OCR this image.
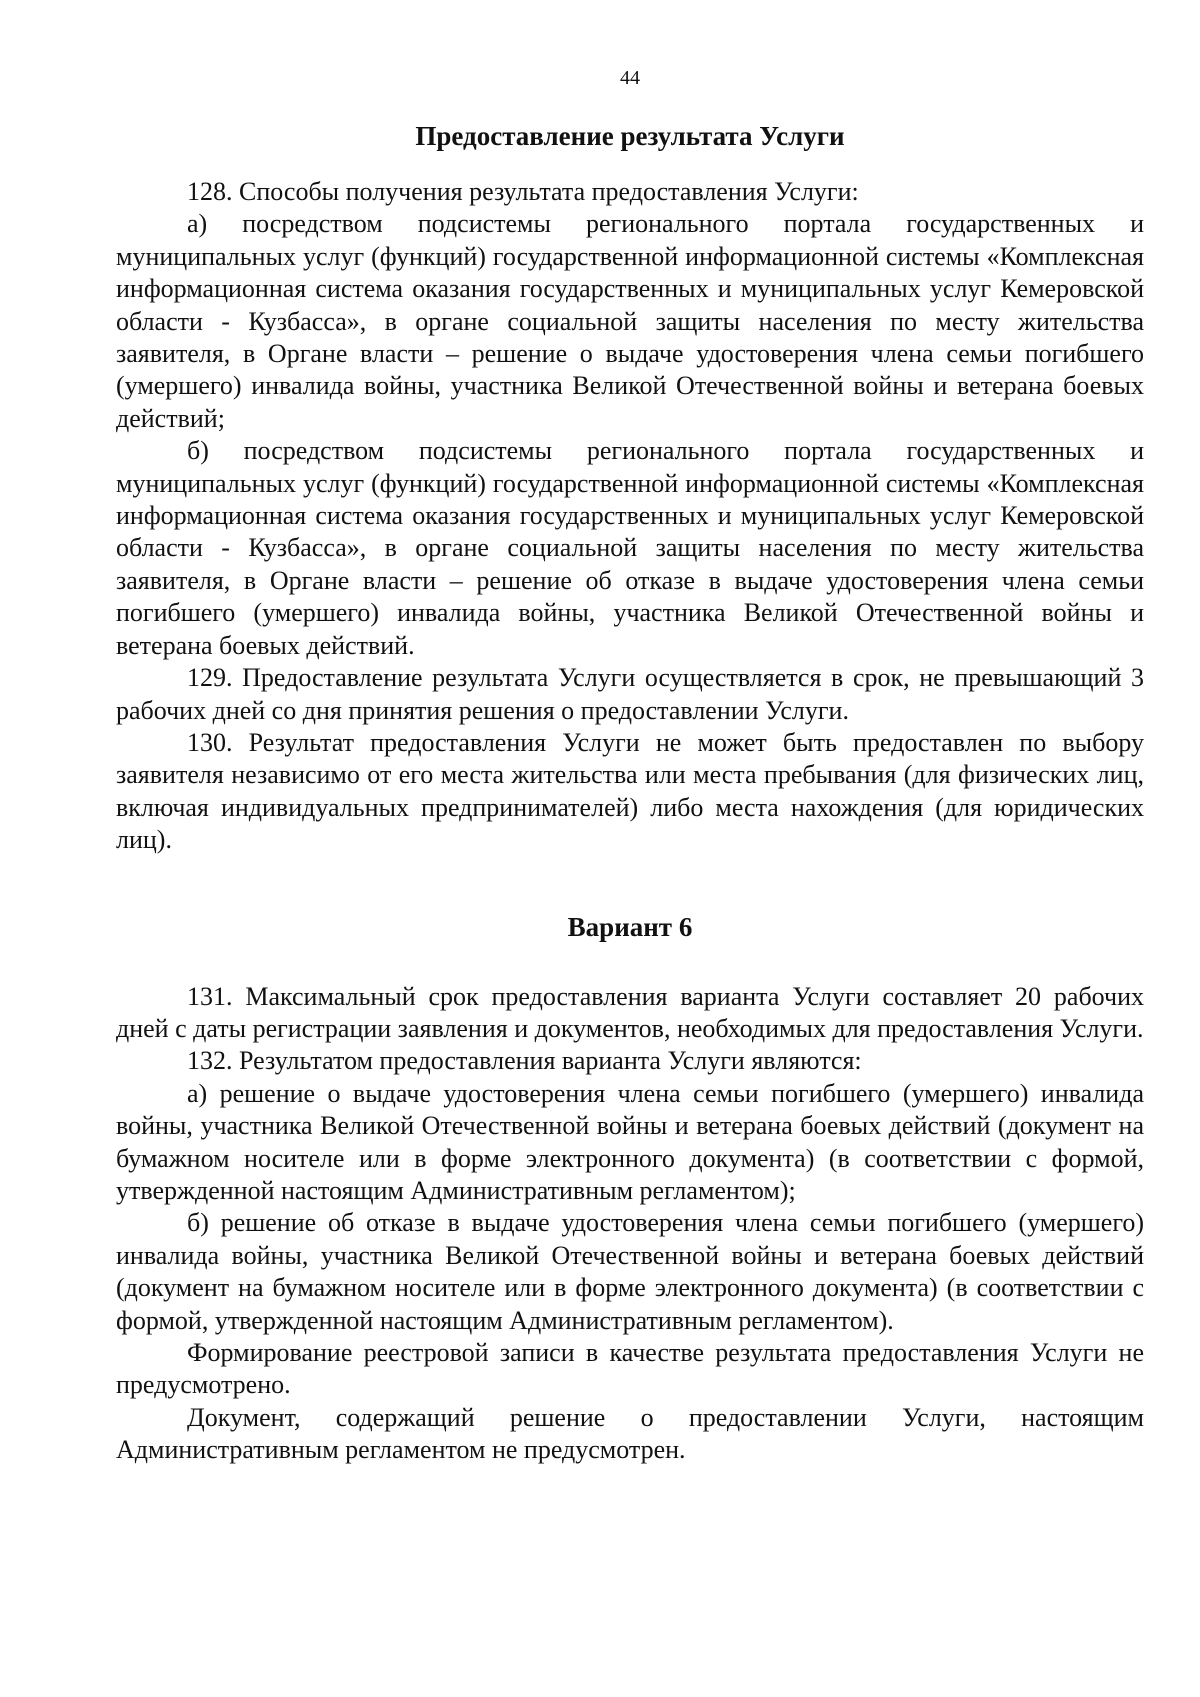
44
Предоставление результата Услуги

128. Способы получения результата предоставления Услуги:

а) посредством подсистемы регионального портала государственных и муниципальных услуг (функций) государственной информационной системы «Комплексная информационная система оказания государственных и муниципальных услуг Кемеровской области - Кузбасса», в органе социальной защиты населения по месту жительства заявителя, в Органе власти – решение о выдаче удостоверения члена семьи погибшего (умершего) инвалида войны, участника Великой Отечественной войны и ветерана боевых действий;

б) посредством подсистемы регионального портала государственных и муниципальных услуг (функций) государственной информационной системы «Комплексная информационная система оказания государственных и муниципальных услуг Кемеровской области - Кузбасса», в органе социальной защиты населения по месту жительства заявителя, в Органе власти – решение об отказе в выдаче удостоверения члена семьи погибшего (умершего) инвалида войны, участника Великой Отечественной войны и ветерана боевых действий.

129. Предоставление результата Услуги осуществляется в срок, не превышающий 3 рабочих дней со дня принятия решения о предоставлении Услуги.

130. Результат предоставления Услуги не может быть предоставлен по выбору заявителя независимо от его места жительства или места пребывания (для физических лиц, включая индивидуальных предпринимателей) либо места нахождения (для юридических лиц).

Вариант 6

131. Максимальный срок предоставления варианта Услуги составляет 20 рабочих дней с даты регистрации заявления и документов, необходимых для предоставления Услуги.

132. Результатом предоставления варианта Услуги являются:

а) решение о выдаче удостоверения члена семьи погибшего (умершего) инвалида войны, участника Великой Отечественной войны и ветерана боевых действий (документ на бумажном носителе или в форме электронного документа) (в соответствии с формой, утвержденной настоящим Административным регламентом);

б) решение об отказе в выдаче удостоверения члена семьи погибшего (умершего) инвалида войны, участника Великой Отечественной войны и ветерана боевых действий (документ на бумажном носителе или в форме электронного документа) (в соответствии с формой, утвержденной настоящим Административным регламентом).

Формирование реестровой записи в качестве результата предоставления Услуги не предусмотрено.

Документ, содержащий решение о предоставлении Услуги, настоящим Административным регламентом не предусмотрен.
